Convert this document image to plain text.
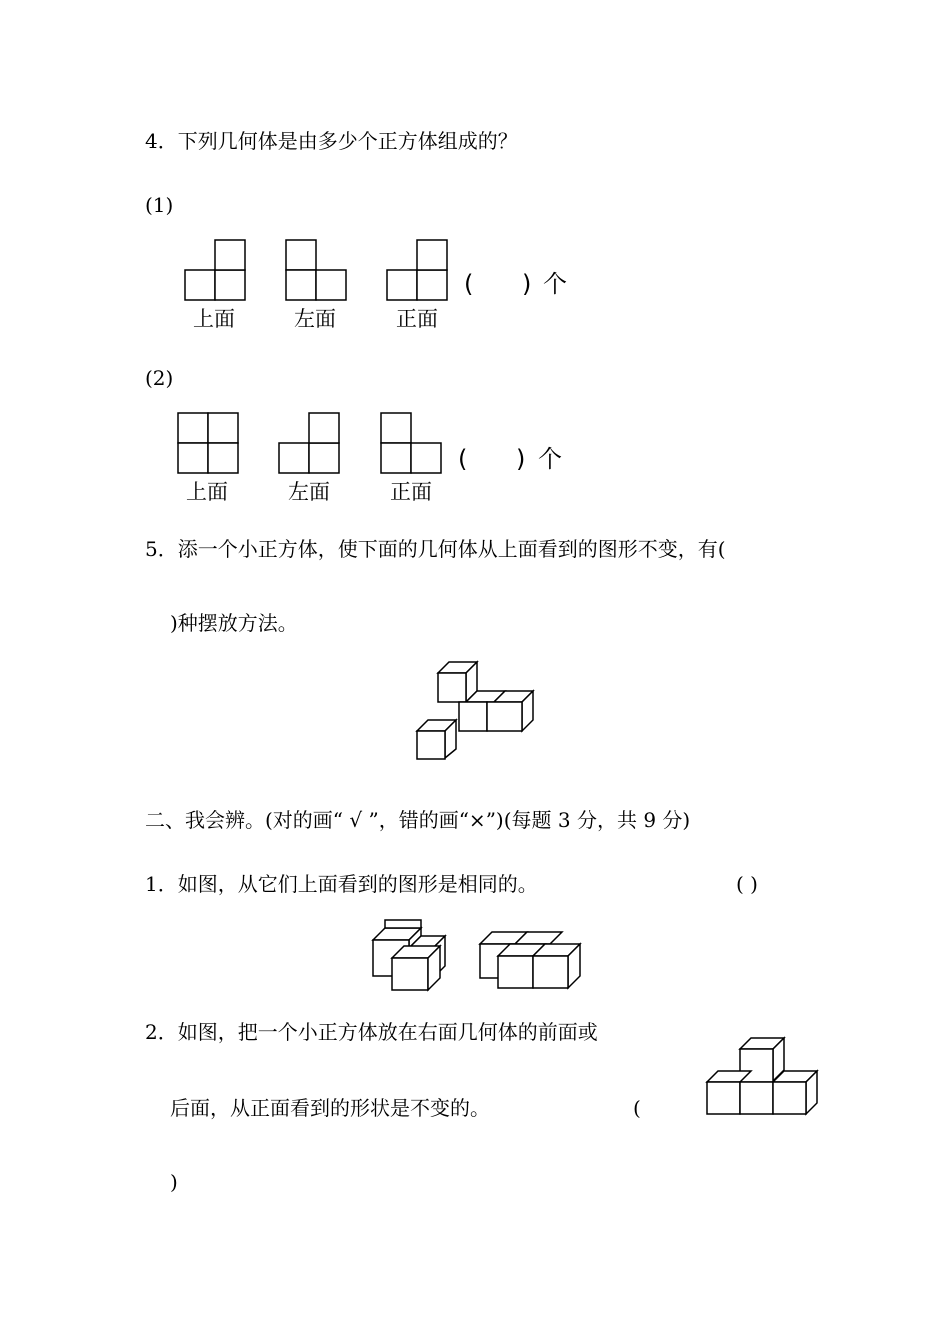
4．下列几何体是由多少个正方体组成的？
(1)
上面	左面	正面
( ) 个
(2)
上面	左面	正面
( ) 个
5．添一个小正方体，使下面的几何体从上面看到的图形不变，有(
)种摆放方法。
二、我会辨。(对的画“ √ ”，错的画“×”)(每题 3 分，共 9 分)
1．如图，从它们上面看到的图形是相同的。	( )
2．如图，把一个小正方体放在右面几何体的前面或
后面，从正面看到的形状是不变的。	(
)
